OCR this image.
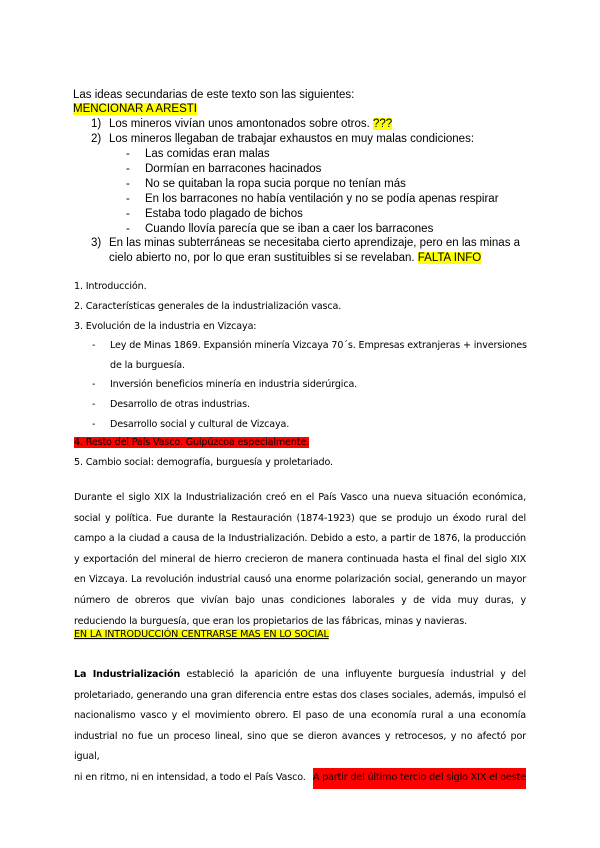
Las ideas secundarias de este texto son las siguientes:
MENCIONAR A ARESTI
1) Los mineros vivían unos amontonados sobre otros. ???
2) Los mineros llegaban de trabajar exhaustos en muy malas condiciones:
- Las comidas eran malas
- Dormían en barracones hacinados
- No se quitaban la ropa sucia porque no tenían más
- En los barracones no había ventilación y no se podía apenas respirar
- Estaba todo plagado de bichos
- Cuando llovía parecía que se iban a caer los barracones
3) En las minas subterráneas se necesitaba cierto aprendizaje, pero en las minas a
cielo abierto no, por lo que eran sustituibles si se revelaban. FALTA INFO
1. Introducción.
2. Características generales de la industrialización vasca.
3. Evolución de la industria en Vizcaya:
- Ley de Minas 1869. Expansión minería Vizcaya 70´s. Empresas extranjeras + inversiones
de la burguesía.
- Inversión beneficios minería en industria siderúrgica.
- Desarrollo de otras industrias.
- Desarrollo social y cultural de Vizcaya.
4. Resto del País Vasco. Guipúzcoa especialmente.
5. Cambio social: demografía, burguesía y proletariado.

Durante el siglo XIX la Industrialización creó en el País Vasco una nueva situación económica,

social y política. Fue durante la Restauración (1874-1923) que se produjo un éxodo rural del

campo a la ciudad a causa de la Industrialización. Debido a esto, a partir de 1876, la producción

y exportación del mineral de hierro crecieron de manera continuada hasta el final del siglo XIX

en Vizcaya. La revolución industrial causó una enorme polarización social, generando un mayor

número de obreros que vivían bajo unas condiciones laborales y de vida muy duras, y

reduciendo la burguesía, que eran los propietarios de las fábricas, minas y navieras.

EN LA INTRODUCCIÓN CENTRARSE MAS EN LO SOCIAL

La Industrialización estableció la aparición de una influyente burguesía industrial y del

proletariado, generando una gran diferencia entre estas dos clases sociales, además, impulsó el

nacionalismo vasco y el movimiento obrero. El paso de una economía rural a una economía

industrial no fue un proceso lineal, sino que se dieron avances y retrocesos, y no afectó por igual,

ni en ritmo, ni en intensidad, a todo el País Vasco. A partir del último tercio del siglo XIX el oeste
